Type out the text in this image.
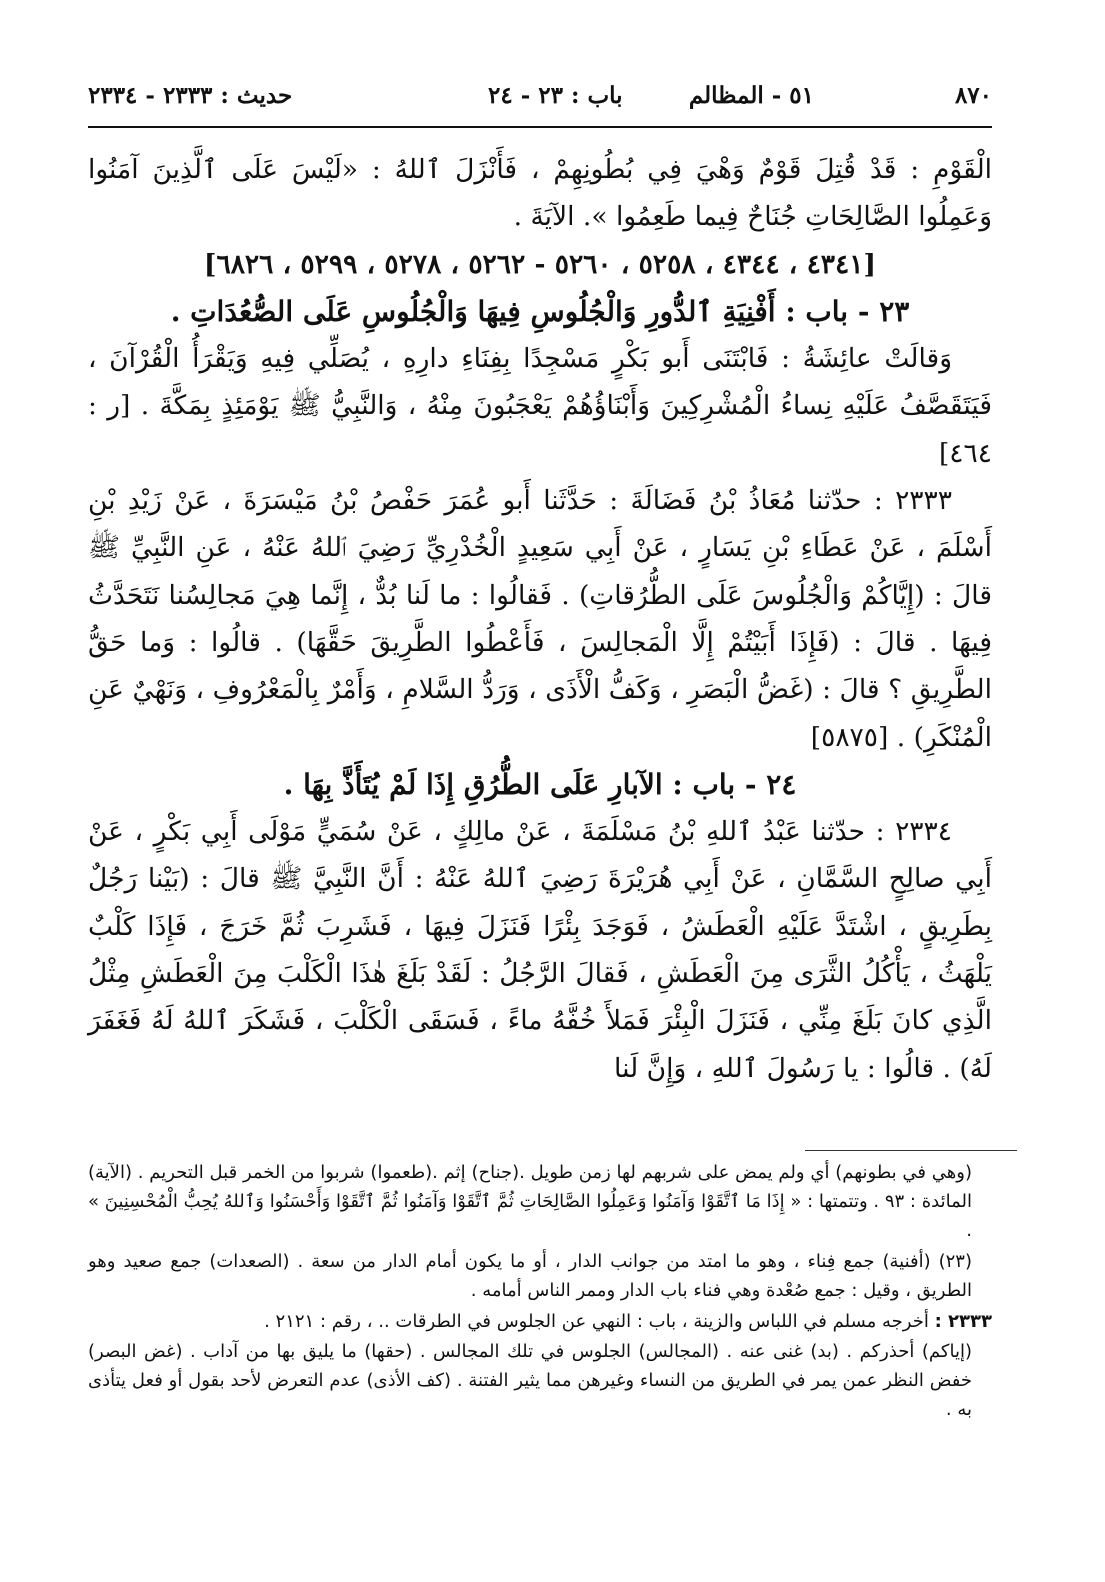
٨٧٠
٥١ - المظالم
باب : ٢٣ - ٢٤
حديث : ٢٣٣٣ - ٢٣٣٤

الْقَوْمِ : قَدْ قُتِلَ قَوْمٌ وَهْيَ فِي بُطُونِهِمْ ، فَأَنْزَلَ ٱللهُ : «لَيْسَ عَلَى ٱلَّذِينَ آمَنُوا وَعَمِلُوا الصَّالِحَاتِ جُنَاحٌ فِيما طَعِمُوا ». الآيَةَ .

[٤٣٤١ ، ٤٣٤٤ ، ٥٢٥٨ ، ٥٢٦٠ - ٥٢٦٢ ، ٥٢٧٨ ، ٥٢٩٩ ، ٦٨٢٦]

٢٣ - باب : أَفْنِيَةِ ٱلدُّورِ وَالْجُلُوسِ فِيهَا وَالْجُلُوسِ عَلَى الصُّعُدَاتِ .

وَقالَتْ عائِشَةُ : فَابْتَنَى أَبو بَكْرٍ مَسْجِدًا بِفِنَاءِ دارِهِ ، يُصَلِّي فِيهِ وَيَقْرَأُ الْقُرْآنَ ، فَيَتَقَصَّفُ عَلَيْهِ نِساءُ الْمُشْرِكِينَ وَأَبْنَاؤُهُمْ يَعْجَبُونَ مِنْهُ ، وَالنَّبِيُّ ﷺ يَوْمَئِذٍ بِمَكَّةَ . [ر : ٤٦٤]

٢٣٣٣ : حدّثنا مُعَاذُ بْنُ فَضَالَةَ : حَدَّثَنا أَبو عُمَرَ حَفْصُ بْنُ مَيْسَرَةَ ، عَنْ زَيْدِ بْنِ أَسْلَمَ ، عَنْ عَطَاءِ بْنِ يَسَارٍ ، عَنْ أَبِي سَعِيدٍ الْخُدْرِيِّ رَضِيَ ٱللهُ عَنْهُ ، عَنِ النَّبِيِّ ﷺ قالَ : (إِيَّاكُمْ وَالْجُلُوسَ عَلَى الطُّرُقاتِ) . فَقالُوا : ما لَنا بُدٌّ ، إِنَّما هِيَ مَجالِسُنا نَتَحَدَّثُ فِيهَا . قالَ : (فَإِذَا أَبَيْتُمْ إِلَّا الْمَجالِسَ ، فَأَعْطُوا الطَّرِيقَ حَقَّهَا) . قالُوا : وَما حَقُّ الطَّرِيقِ ؟ قالَ : (غَضُّ الْبَصَرِ ، وَكَفُّ الْأَذَى ، وَرَدُّ السَّلامِ ، وَأَمْرٌ بِالْمَعْرُوفِ ، وَنَهْيٌ عَنِ الْمُنْكَرِ) . [٥٨٧٥]

٢٤ - باب : الآبارِ عَلَى الطُّرُقِ إِذَا لَمْ يُتَأَذَّ بِهَا .

٢٣٣٤ : حدّثنا عَبْدُ ٱللهِ بْنُ مَسْلَمَةَ ، عَنْ مالِكٍ ، عَنْ سُمَيٍّ مَوْلَى أَبِي بَكْرٍ ، عَنْ أَبِي صالِحٍ السَّمَّانِ ، عَنْ أَبِي هُرَيْرَةَ رَضِيَ ٱللهُ عَنْهُ : أَنَّ النَّبِيَّ ﷺ قالَ : (بَيْنا رَجُلٌ بِطَرِيقٍ ، اشْتَدَّ عَلَيْهِ الْعَطَشُ ، فَوَجَدَ بِئْرًا فَنَزَلَ فِيهَا ، فَشَرِبَ ثُمَّ خَرَجَ ، فَإِذَا كَلْبٌ يَلْهَثُ ، يَأْكُلُ الثَّرَى مِنَ الْعَطَشِ ، فَقالَ الرَّجُلُ : لَقَدْ بَلَغَ هٰذَا الْكَلْبَ مِنَ الْعَطَشِ مِثْلُ الَّذِي كانَ بَلَغَ مِنِّي ، فَنَزَلَ الْبِئْرَ فَمَلأَ خُفَّهُ ماءً ، فَسَقَى الْكَلْبَ ، فَشَكَرَ ٱللهُ لَهُ فَغَفَرَ لَهُ) . قالُوا : يا رَسُولَ ٱللهِ ، وَإِنَّ لَنا

(وهي في بطونهم) أي ولم يمض على شربهم لها زمن طويل .(جناح) إثم .(طعموا) شربوا من الخمر قبل التحريم . (الآية) المائدة : ٩٣ . وتتمتها : « إِذَا مَا ٱتَّقَوْا وَآمَنُوا وَعَمِلُوا الصَّالِحَاتِ ثُمَّ ٱتَّقَوْا وَآمَنُوا ثُمَّ ٱتَّقَوْا وَأَحْسَنُوا وَٱللهُ يُحِبُّ الْمُحْسِنِينَ » .

(٢٣) (أفنية) جمع فِناء ، وهو ما امتد من جوانب الدار ، أو ما يكون أمام الدار من سعة . (الصعدات) جمع صعيد وهو الطريق ، وقيل : جمع صُعْدة وهي فناء باب الدار وممر الناس أمامه .

٢٣٣٣ : أخرجه مسلم في اللباس والزينة ، باب : النهي عن الجلوس في الطرقات .. ، رقم : ٢١٢١ .

(إياكم) أحذركم . (بد) غنى عنه . (المجالس) الجلوس في تلك المجالس . (حقها) ما يليق بها من آداب . (غض البصر) خفض النظر عمن يمر في الطريق من النساء وغيرهن مما يثير الفتنة . (كف الأذى) عدم التعرض لأحد بقول أو فعل يتأذى به .
